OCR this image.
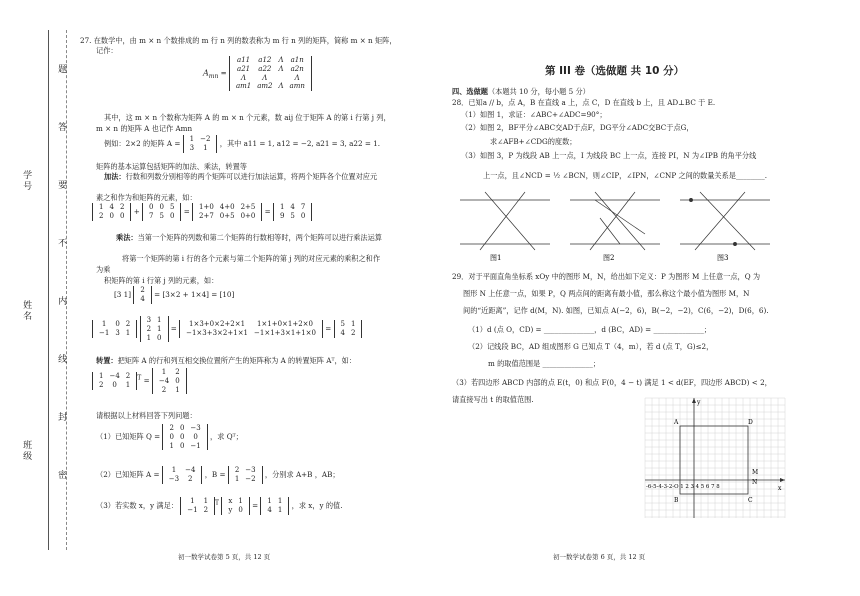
班级
姓名
学号
密
封
线
内
不
要
答
题
27. 在数学中，由 m × n 个数排成的 m 行 n 列的数表称为 m 行 n 列的矩阵，简称 m × n 矩阵，
记作：
$A_{mn}$ =
a11	a12	Λ	a1n
a21	a22	Λ	a2n
Λ	Λ		Λ
am1	am2	Λ	amn
其中，这 m × n 个数称为矩阵 A 的 m × n 个元素，数 aij 位于矩阵 A 的第 i 行第 j 列，
m × n 的矩阵 A 也记作 Amn
例如：2×2 的矩阵 A = 1	−2
3	1 ，其中 a11 = 1, a12 = −2, a21 = 3, a22 = 1.
矩阵的基本运算包括矩阵的加法、乘法，转置等
加法：行数和列数分别相等的两个矩阵可以进行加法运算，将两个矩阵各个位置对应元
素之和作为和矩阵的元素，如：
1	4	2
2	0	0 + 0	0	5
7	5	0 = 1+0	4+0	2+5
2+7	0+5	0+0 = 1	4	7
9	5	0
乘法：当第一个矩阵的列数和第二个矩阵的行数相等时，两个矩阵可以进行乘法运算
将第一个矩阵的第 i 行的各个元素与第二个矩阵的第 j 列的对应元素的乘积之和作
为乘
积矩阵的第 i 行第 j 列的元素，如：
[3 1] 2
4 = [3×2 + 1×4] = [10]
1	0	2
−1	3	1

3	1
2	1
1	0
= 1×3+0×2+2×1	1×1+0×1+2×0
−1×3+3×2+1×1	−1×1+3×1+1×0 = 5	1
4	2
转置：把矩阵 A 的行和列互相交换位置所产生的矩阵称为 A 的转置矩阵 Aᵀ，如：
1	−4	2
2	0	1
$^T$ =
1	2
−4	0
2	1
请根据以上材料回答下列问题：
（1）已知矩阵 Q =
2	0	−3
0	0	0
1	0	−1
，求 Qᵀ；
（2）已知矩阵 A = 1	−4
−3	2 ，B = 2	−3
1	−2 ，分别求 A+B ，AB；
（3）若实数 x，y 满足： 1	1
−1	2
$^T$ x	1
y	0 = 1	1
4	1 ，求 x，y 的值.
初一数学试卷第 5 页，共 12 页
第 III 卷（选做题 共 10 分）
四、选做题（本题共 10 分，每小题 5 分）
28．已知a // b，点 A，B 在直线 a 上，点 C，D 在直线 b 上，且 AD⊥BC 于 E.
（1）如图 1，求证：∠ABC+∠ADC=90°；
（2）如图 2，BF平分∠ABC交AD于点F，DG平分∠ADC交BC于点G，
求∠AFB+∠CDG的度数；
（3）如图 3，P 为线段 AB 上一点，I 为线段 BC 上一点，连接 PI，N 为∠IPB 的角平分线
上一点，且∠NCD = ½ ∠BCN，则∠CIP，∠IPN，∠CNP 之间的数量关系是________.
图1	图2	图3
29．对于平面直角坐标系 xOy 中的图形 M，N，给出如下定义：P 为图形 M 上任意一点，Q 为
图形 N 上任意一点，如果 P，Q 两点间的距离有最小值，那么称这个最小值为图形 M，N
间的“近距离”，记作 d(M，N). 如图，已知点 A(−2，6)，B(−2，−2)，C(6，−2)，D(6，6).
（1）d (点 O，CD) = ______________，d (BC，AD) = ______________；
（2）记线段 BC，AD 组成图形 G 已知点 T（4，m），若 d (点 T，G)≤2，
m 的取值范围是 ______________；
（3）若四边形 ABCD 内部的点 E(t，0) 和点 F(0，4 − t) 满足 1 < d(EF，四边形 ABCD) < 2，
请直接写出 t 的取值范围.
x
y
-6-5-4-3-2-O 1 2 3 4 5 6 7 8
A	D
B	C
M
N
初一数学试卷第 6 页，共 12 页
